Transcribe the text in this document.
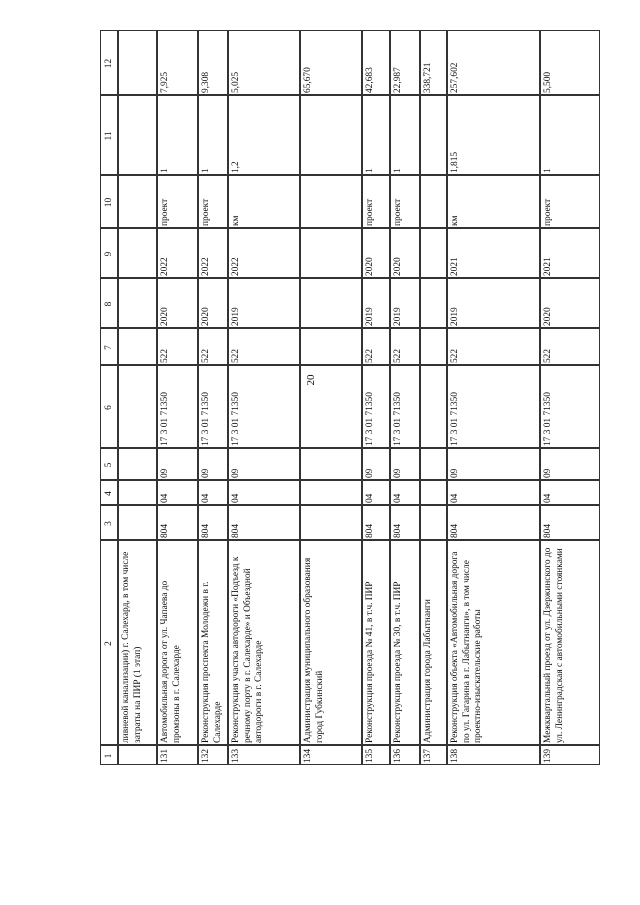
20
1
2
3
4
5
6
7
8
9
10
11
12
ливневой канализации) г. Салехард, в том числе затраты на ПИР (1 этап)
131
Автомобильная дорога от ул. Чапаева до промзоны в г. Салехарде
804
04
09
17 3 01 71350
522
2020
2022
проект
1
7,925
132
Реконструкция проспекта Молодежи в г. Салехарде
804
04
09
17 3 01 71350
522
2020
2022
проект
1
9,308
133
Реконструкция участка автодороги «Подъезд к речному порту в г. Салехарде» и Объездной автодороги в г. Салехарде
804
04
09
17 3 01 71350
522
2019
2022
км
1,2
5,025
134
Администрация муниципального образования город Губкинский
65,670
135
Реконструкция проезда № 41, в т.ч. ПИР
804
04
09
17 3 01 71350
522
2019
2020
проект
1
42,683
136
Реконструкция проезда № 30, в т.ч. ПИР
804
04
09
17 3 01 71350
522
2019
2020
проект
1
22,987
137
Администрация города Лабытнанги
338,721
138
Реконструкция объекта «Автомобильная дорога по ул. Гагарина в г. Лабытнанги», в том числе проектно-изыскательские работы
804
04
09
17 3 01 71350
522
2019
2021
км
1,815
257,602
139
Межквартальный проезд от ул. Дзержинского до ул. Ленинградская с автомобильными стоянками
804
04
09
17 3 01 71350
522
2020
2021
проект
1
5,500
